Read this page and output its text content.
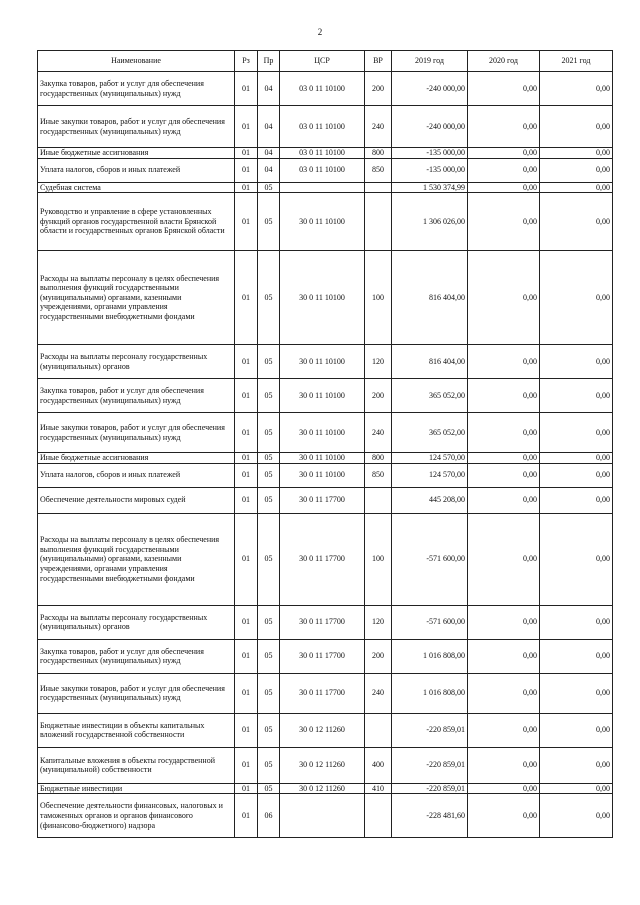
2
Наименование	Рз	Пр	ЦСР	ВР	2019 год	2020 год	2021 год
Закупка товаров, работ и услуг для обеспечения государственных (муниципальных) нужд	01	04	03 0 11 10100	200	-240 000,00	0,00	0,00
Иные закупки товаров, работ и услуг для обеспечения государственных (муниципальных) нужд	01	04	03 0 11 10100	240	-240 000,00	0,00	0,00
Иные бюджетные ассигнования	01	04	03 0 11 10100	800	-135 000,00	0,00	0,00
Уплата налогов, сборов и иных платежей	01	04	03 0 11 10100	850	-135 000,00	0,00	0,00
Судебная система	01	05			1 530 374,99	0,00	0,00
Руководство и управление в сфере установленных функций органов государственной власти Брянской области и государственных органов Брянской области	01	05	30 0 11 10100		1 306 026,00	0,00	0,00
Расходы на выплаты персоналу в целях обеспечения выполнения функций государственными (муниципальными) органами, казенными учреждениями, органами управления государственными внебюджетными фондами	01	05	30 0 11 10100	100	816 404,00	0,00	0,00
Расходы на выплаты персоналу государственных (муниципальных) органов	01	05	30 0 11 10100	120	816 404,00	0,00	0,00
Закупка товаров, работ и услуг для обеспечения государственных (муниципальных) нужд	01	05	30 0 11 10100	200	365 052,00	0,00	0,00
Иные закупки товаров, работ и услуг для обеспечения государственных (муниципальных) нужд	01	05	30 0 11 10100	240	365 052,00	0,00	0,00
Иные бюджетные ассигнования	01	05	30 0 11 10100	800	124 570,00	0,00	0,00
Уплата налогов, сборов и иных платежей	01	05	30 0 11 10100	850	124 570,00	0,00	0,00
Обеспечение деятельности мировых судей	01	05	30 0 11 17700		445 208,00	0,00	0,00
Расходы на выплаты персоналу в целях обеспечения выполнения функций государственными (муниципальными) органами, казенными учреждениями, органами управления государственными внебюджетными фондами	01	05	30 0 11 17700	100	-571 600,00	0,00	0,00
Расходы на выплаты персоналу государственных (муниципальных) органов	01	05	30 0 11 17700	120	-571 600,00	0,00	0,00
Закупка товаров, работ и услуг для обеспечения государственных (муниципальных) нужд	01	05	30 0 11 17700	200	1 016 808,00	0,00	0,00
Иные закупки товаров, работ и услуг для обеспечения государственных (муниципальных) нужд	01	05	30 0 11 17700	240	1 016 808,00	0,00	0,00
Бюджетные инвестиции в объекты капитальных вложений государственной собственности	01	05	30 0 12 11260		-220 859,01	0,00	0,00
Капитальные вложения в объекты государственной (муниципальной) собственности	01	05	30 0 12 11260	400	-220 859,01	0,00	0,00
Бюджетные инвестиции	01	05	30 0 12 11260	410	-220 859,01	0,00	0,00
Обеспечение деятельности финансовых, налоговых и таможенных органов и органов финансового (финансово-бюджетного) надзора	01	06			-228 481,60	0,00	0,00
